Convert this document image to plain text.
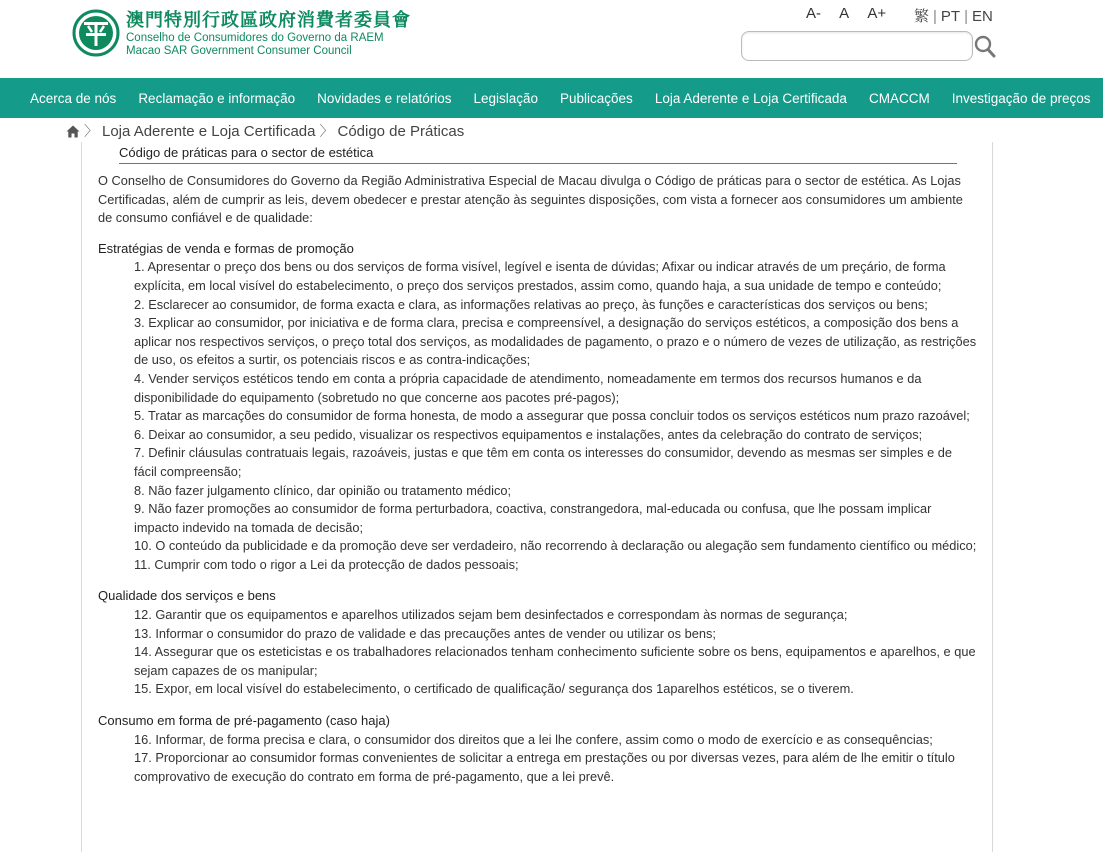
澳門特別行政區政府消費者委員會
Conselho de Consumidores do Governo da RAEM
Macao SAR Government Consumer Council
A- A A+	繁 | PT | EN
Acerca de nós Reclamação e informação Novidades e relatórios Legislação Publicações Loja Aderente e Loja Certificada CMACCM Investigação de preços
〉 Loja Aderente e Loja Certificada 〉 Código de Práticas
Código de práticas para o sector de estética

O Conselho de Consumidores do Governo da Região Administrativa Especial de Macau divulga o Código de práticas para o sector de estética. As Lojas Certificadas, além de cumprir as leis, devem obedecer e prestar atenção às seguintes disposições, com vista a fornecer aos consumidores um ambiente de consumo confiável e de qualidade:

Estratégias de venda e formas de promoção

1. Apresentar o preço dos bens ou dos serviços de forma visível, legível e isenta de dúvidas; Afixar ou indicar através de um preçário, de forma explícita, em local visível do estabelecimento, o preço dos serviços prestados, assim como, quando haja, a sua unidade de tempo e conteúdo;
2. Esclarecer ao consumidor, de forma exacta e clara, as informações relativas ao preço, às funções e características dos serviços ou bens;
3. Explicar ao consumidor, por iniciativa e de forma clara, precisa e compreensível, a designação do serviços estéticos, a composição dos bens a aplicar nos respectivos serviços, o preço total dos serviços, as modalidades de pagamento, o prazo e o número de vezes de utilização, as restrições de uso, os efeitos a surtir, os potenciais riscos e as contra-indicações;
4. Vender serviços estéticos tendo em conta a própria capacidade de atendimento, nomeadamente em termos dos recursos humanos e da disponibilidade do equipamento (sobretudo no que concerne aos pacotes pré-pagos);
5. Tratar as marcações do consumidor de forma honesta, de modo a assegurar que possa concluir todos os serviços estéticos num prazo razoável;
6. Deixar ao consumidor, a seu pedido, visualizar os respectivos equipamentos e instalações, antes da celebração do contrato de serviços;
7. Definir cláusulas contratuais legais, razoáveis, justas e que têm em conta os interesses do consumidor, devendo as mesmas ser simples e de fácil compreensão;
8. Não fazer julgamento clínico, dar opinião ou tratamento médico;
9. Não fazer promoções ao consumidor de forma perturbadora, coactiva, constrangedora, mal-educada ou confusa, que lhe possam implicar impacto indevido na tomada de decisão;
10. O conteúdo da publicidade e da promoção deve ser verdadeiro, não recorrendo à declaração ou alegação sem fundamento científico ou médico;
11. Cumprir com todo o rigor a Lei da protecção de dados pessoais;

Qualidade dos serviços e bens

12. Garantir que os equipamentos e aparelhos utilizados sejam bem desinfectados e correspondam às normas de segurança;
13. Informar o consumidor do prazo de validade e das precauções antes de vender ou utilizar os bens;
14. Assegurar que os esteticistas e os trabalhadores relacionados tenham conhecimento suficiente sobre os bens, equipamentos e aparelhos, e que sejam capazes de os manipular;
15. Expor, em local visível do estabelecimento, o certificado de qualificação/ segurança dos 1aparelhos estéticos, se o tiverem.

Consumo em forma de pré-pagamento (caso haja)

16. Informar, de forma precisa e clara, o consumidor dos direitos que a lei lhe confere, assim como o modo de exercício e as consequências;
17. Proporcionar ao consumidor formas convenientes de solicitar a entrega em prestações ou por diversas vezes, para além de lhe emitir o título comprovativo de execução do contrato em forma de pré-pagamento, que a lei prevê.
